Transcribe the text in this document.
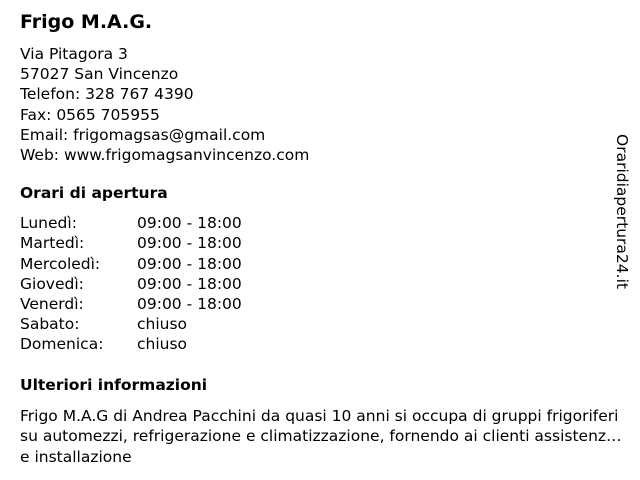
Frigo M.A.G.
Via Pitagora 3
57027 San Vincenzo
Telefon: 328 767 4390
Fax: 0565 705955
Email: frigomagsas@gmail.com
Web: www.frigomagsanvincenzo.com
Orari di apertura
Lunedì:	09:00 - 18:00
Martedì:	09:00 - 18:00
Mercoledì:	09:00 - 18:00
Giovedì:	09:00 - 18:00
Venerdì:	09:00 - 18:00
Sabato:	chiuso
Domenica:	chiuso
Ulteriori informazioni
Frigo M.A.G di Andrea Pacchini da quasi 10 anni si occupa di gruppi frigoriferi su automezzi, refrigerazione e climatizzazione, fornendo ai clienti assistenza e installazione
Oraridiapertura24.it
